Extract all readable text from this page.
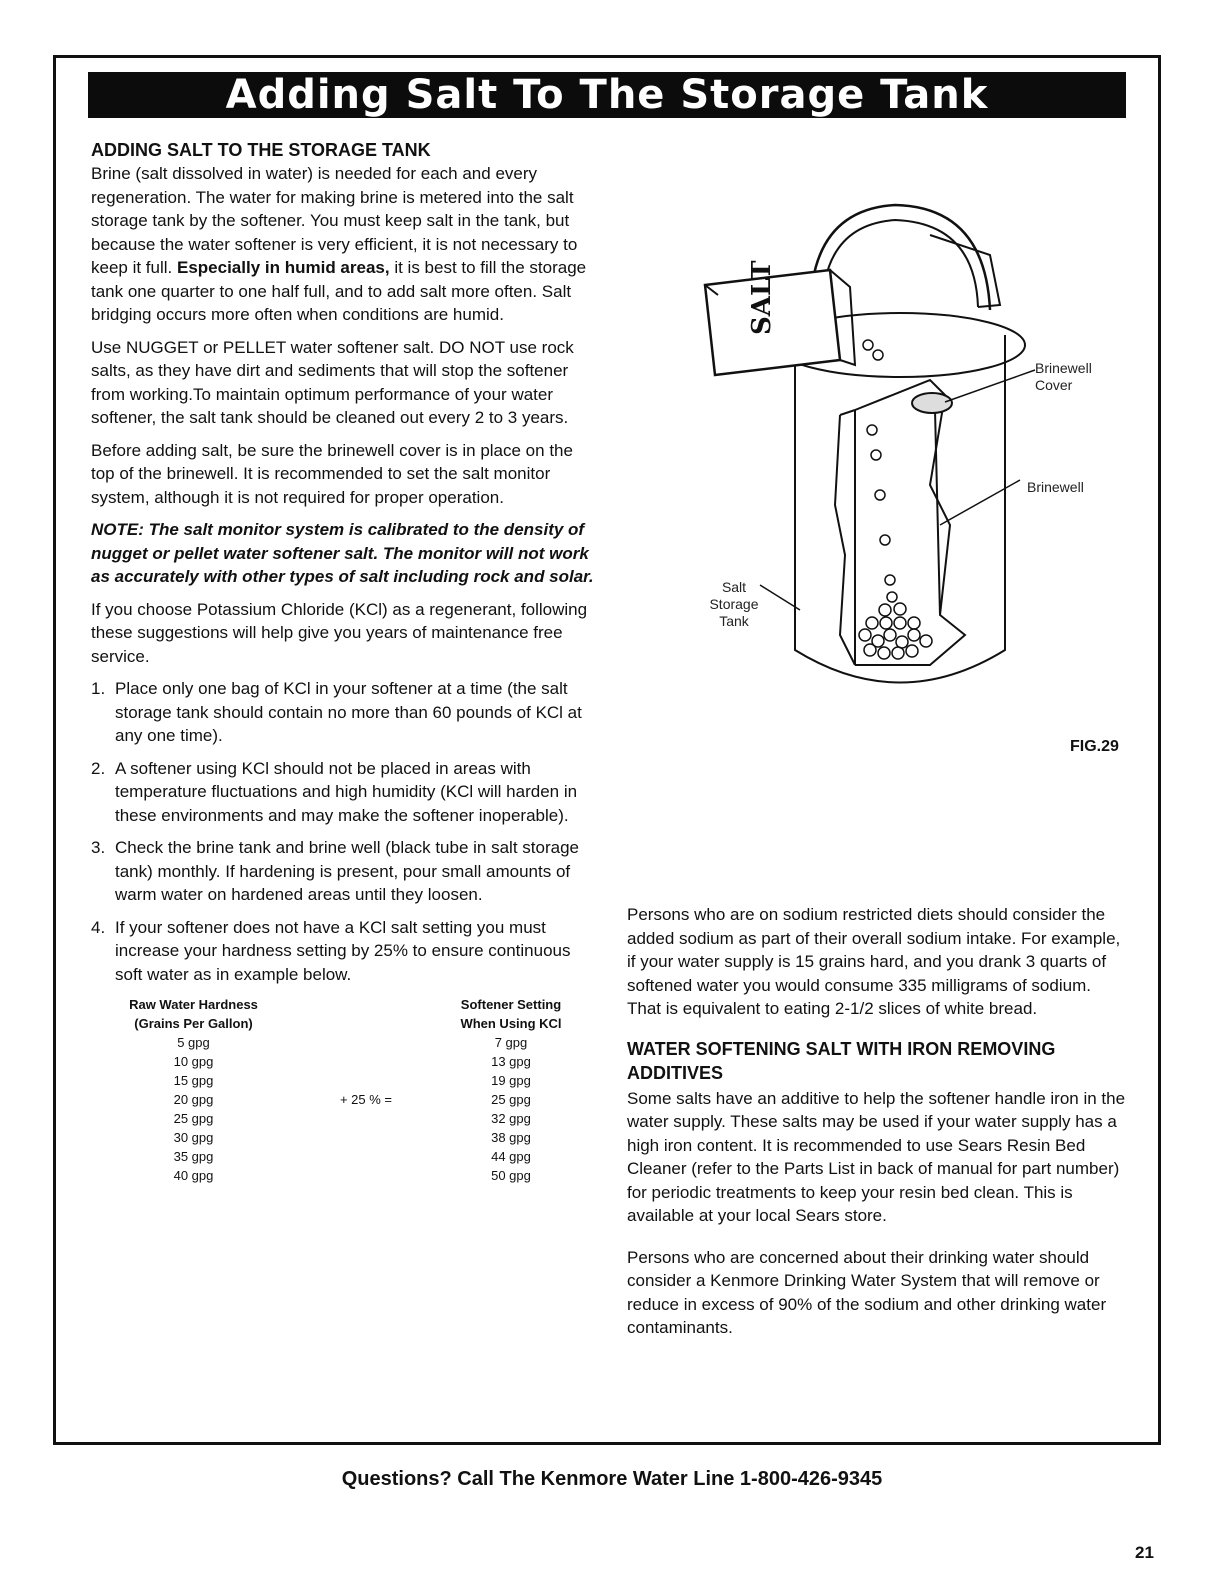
Adding Salt To The Storage Tank
ADDING SALT TO THE STORAGE TANK

Brine (salt dissolved in water) is needed for each and every regeneration. The water for making brine is metered into the salt storage tank by the softener. You must keep salt in the tank, but because the water softener is very efficient, it is not necessary to keep it full. Especially in humid areas, it is best to fill the storage tank one quarter to one half full, and to add salt more often. Salt bridging occurs more often when conditions are humid.

Use NUGGET or PELLET water softener salt. DO NOT use rock salts, as they have dirt and sediments that will stop the softener from working.To maintain optimum performance of your water softener, the salt tank should be cleaned out every 2 to 3 years.

Before adding salt, be sure the brinewell cover is in place on the top of the brinewell. It is recommended to set the salt monitor system, although it is not required for proper operation.

NOTE: The salt monitor system is calibrated to the density of nugget or pellet water softener salt. The monitor will not work as accurately with other types of salt including rock and solar.

If you choose Potassium Chloride (KCl) as a regenerant, following these suggestions will help give you years of maintenance free service.

1. Place only one bag of KCl in your softener at a time (the salt storage tank should contain no more than 60 pounds of KCl at any one time).
2. A softener using KCl should not be placed in areas with temperature fluctuations and high humidity (KCl will harden in these environments and may make the softener inoperable).
3. Check the brine tank and brine well (black tube in salt storage tank) monthly. If hardening is present, pour small amounts of warm water on hardened areas until they loosen.
4. If your softener does not have a KCl salt setting you must increase your hardness setting by 25% to ensure continuous soft water as in example below.
Raw Water Hardness		Softener Setting
(Grains Per Gallon)		When Using KCl
5 gpg		7 gpg
10 gpg		13 gpg
15 gpg		19 gpg
20 gpg	+ 25 % =	25 gpg
25 gpg		32 gpg
30 gpg		38 gpg
35 gpg		44 gpg
40 gpg		50 gpg
SALT
Brinewell
Cover
Brinewell
Salt
Storage
Tank
FIG.29

Persons who are on sodium restricted diets should consider the added sodium as part of their overall sodium intake. For example, if your water supply is 15 grains hard, and you drank 3 quarts of softened water you would consume 335 milligrams of sodium. That is equivalent to eating 2-1/2 slices of white bread.

WATER SOFTENING SALT WITH IRON REMOVING ADDITIVES

Some salts have an additive to help the softener handle iron in the water supply. These salts may be used if your water supply has a high iron content. It is recommended to use Sears Resin Bed Cleaner (refer to the Parts List in back of manual for part number) for periodic treatments to keep your resin bed clean. This is available at your local Sears store.

Persons who are concerned about their drinking water should consider a Kenmore Drinking Water System that will remove or reduce in excess of 90% of the sodium and other drinking water contaminants.

Questions? Call The Kenmore Water Line 1-800-426-9345
21
